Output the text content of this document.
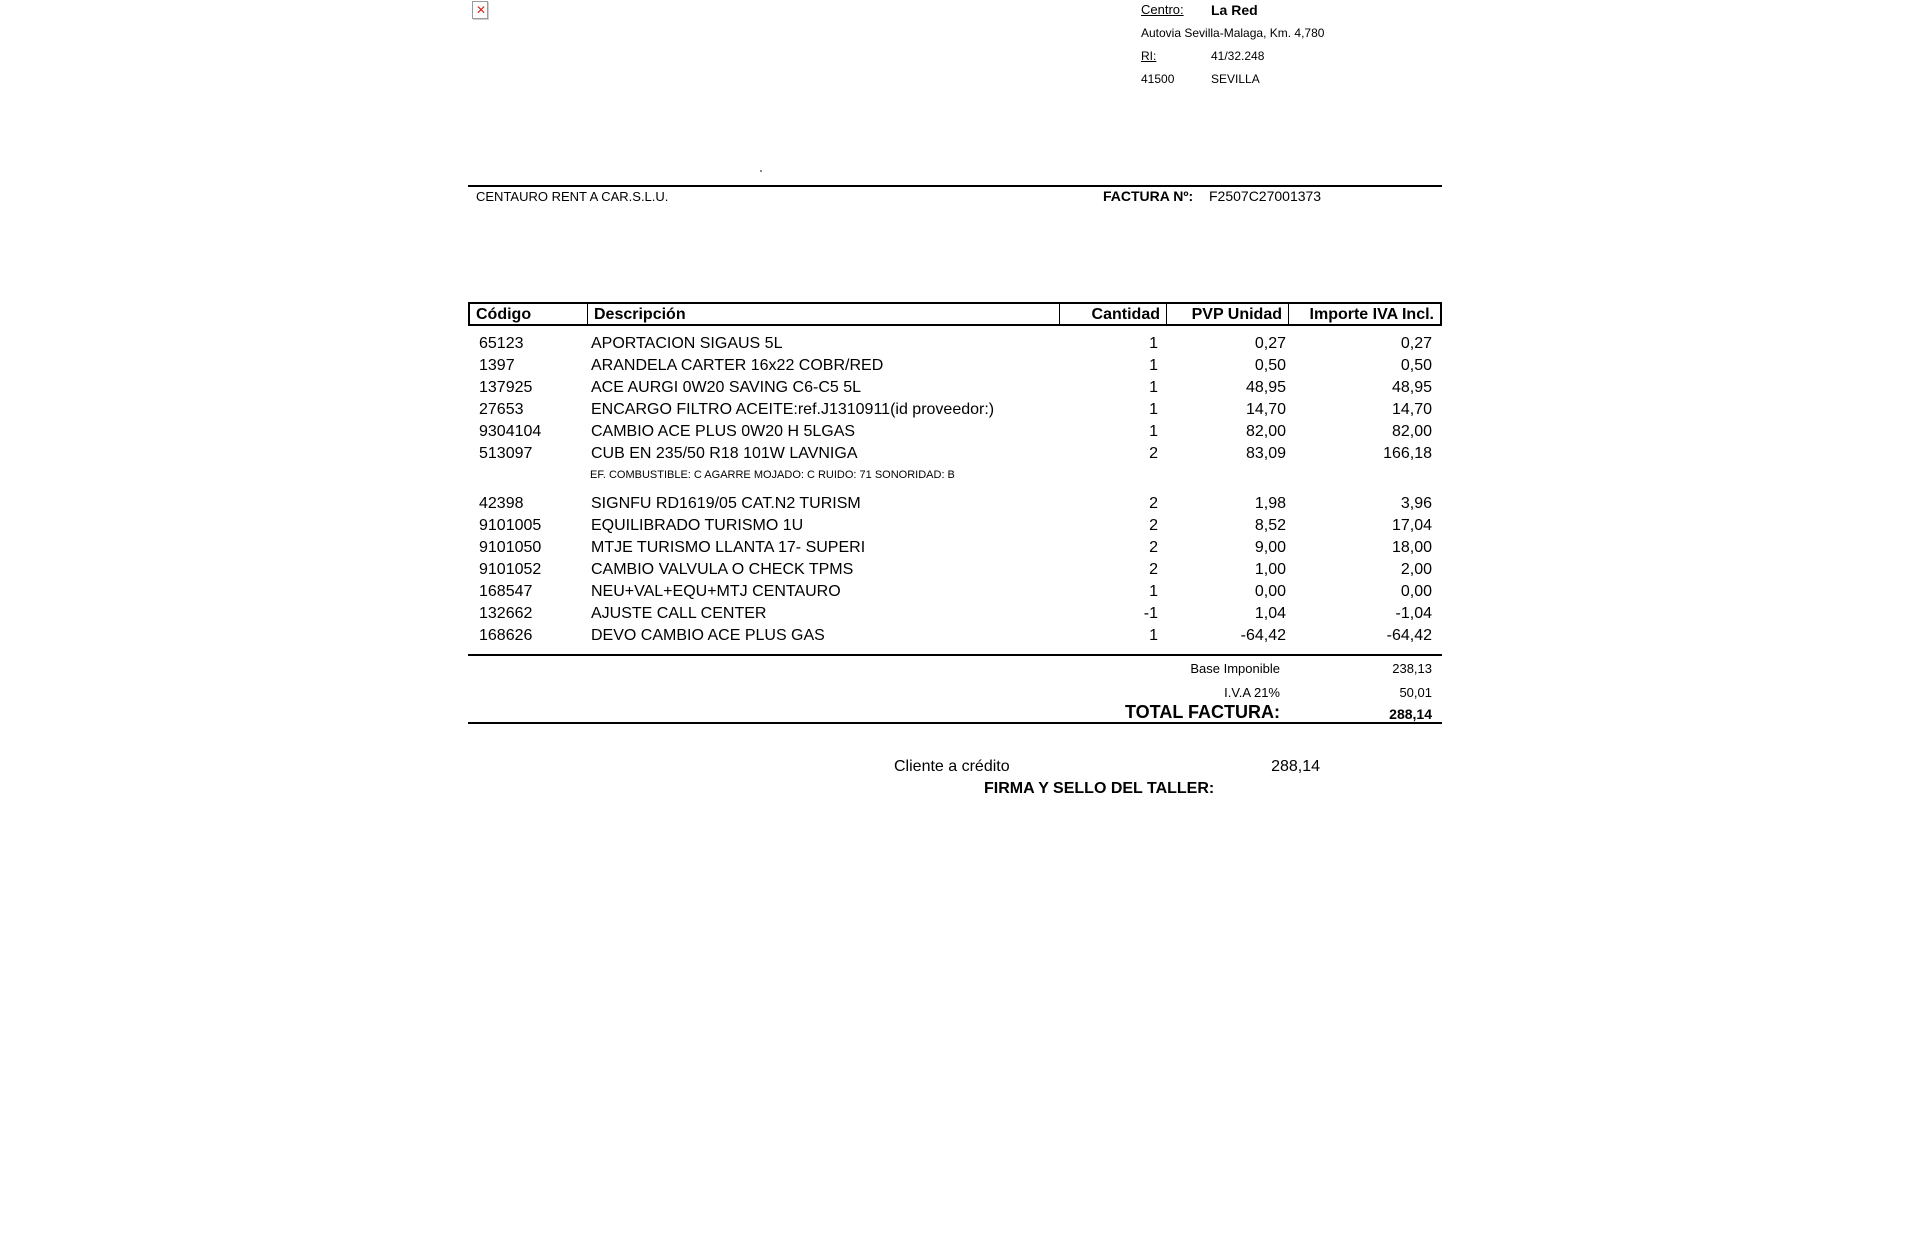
✕	Centro: La Red
Autovia Sevilla-Malaga, Km. 4,780
RI:	41/32.248
41500	SEVILLA
CENTAURO RENT A CAR.S.L.U.	FACTURA Nº: F2507C27001373
Código	Descripción	Cantidad	PVP Unidad	Importe IVA Incl.
65123	APORTACION SIGAUS 5L	1	0,27	0,27
1397	ARANDELA CARTER 16x22 COBR/RED	1	0,50	0,50
137925	ACE AURGI 0W20 SAVING C6-C5 5L	1	48,95	48,95
27653	ENCARGO FILTRO ACEITE:ref.J1310911(id proveedor:)	1	14,70	14,70
9304104	CAMBIO ACE PLUS 0W20 H 5LGAS	1	82,00	82,00
513097	CUB EN 235/50 R18 101W LAVNIGA	2	83,09	166,18
EF. COMBUSTIBLE: C AGARRE MOJADO: C RUIDO: 71 SONORIDAD: B
42398	SIGNFU RD1619/05 CAT.N2 TURISM	2	1,98	3,96
9101005	EQUILIBRADO TURISMO 1U	2	8,52	17,04
9101050	MTJE TURISMO LLANTA 17- SUPERI	2	9,00	18,00
9101052	CAMBIO VALVULA O CHECK TPMS	2	1,00	2,00
168547	NEU+VAL+EQU+MTJ CENTAURO	1	0,00	0,00
132662	AJUSTE CALL CENTER	-1	1,04	-1,04
168626	DEVO CAMBIO ACE PLUS GAS	1	-64,42	-64,42
Base Imponible	238,13
I.V.A 21%	50,01
TOTAL FACTURA:	288,14
Cliente a crédito	288,14
FIRMA Y SELLO DEL TALLER:
